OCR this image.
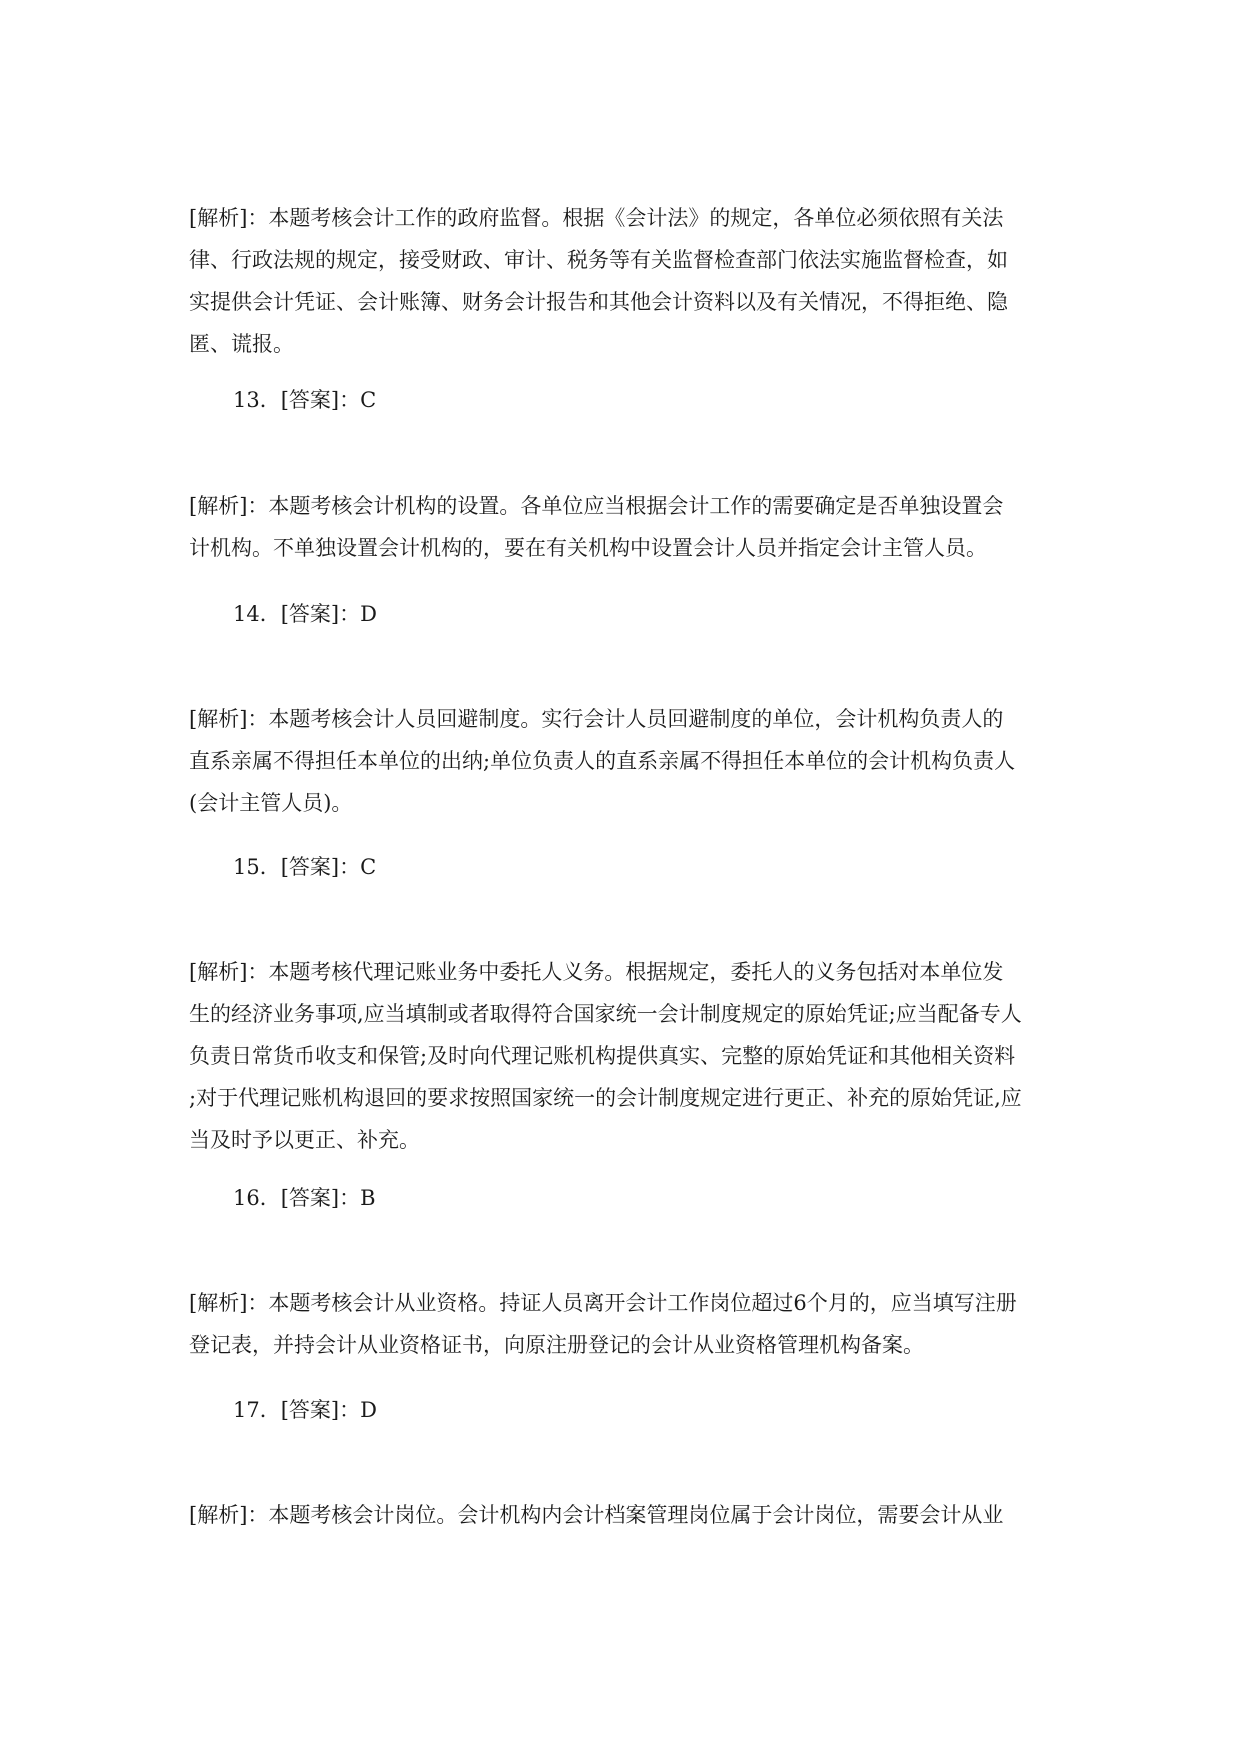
[解析]：本题考核会计工作的政府监督。根据《会计法》的规定，各单位必须依照有关法
律、行政法规的规定，接受财政、审计、税务等有关监督检查部门依法实施监督检查，如
实提供会计凭证、会计账簿、财务会计报告和其他会计资料以及有关情况，不得拒绝、隐
匿、谎报。
13．[答案]：C
[解析]：本题考核会计机构的设置。各单位应当根据会计工作的需要确定是否单独设置会
计机构。不单独设置会计机构的，要在有关机构中设置会计人员并指定会计主管人员。
14．[答案]：D
[解析]：本题考核会计人员回避制度。实行会计人员回避制度的单位，会计机构负责人的
直系亲属不得担任本单位的出纳;单位负责人的直系亲属不得担任本单位的会计机构负责人
(会计主管人员)。
15．[答案]：C
[解析]：本题考核代理记账业务中委托人义务。根据规定，委托人的义务包括对本单位发
生的经济业务事项,应当填制或者取得符合国家统一会计制度规定的原始凭证;应当配备专人
负责日常货币收支和保管;及时向代理记账机构提供真实、完整的原始凭证和其他相关资料
;对于代理记账机构退回的要求按照国家统一的会计制度规定进行更正、补充的原始凭证,应
当及时予以更正、补充。
16．[答案]：B
[解析]：本题考核会计从业资格。持证人员离开会计工作岗位超过6个月的，应当填写注册
登记表，并持会计从业资格证书，向原注册登记的会计从业资格管理机构备案。
17．[答案]：D
[解析]：本题考核会计岗位。会计机构内会计档案管理岗位属于会计岗位，需要会计从业
